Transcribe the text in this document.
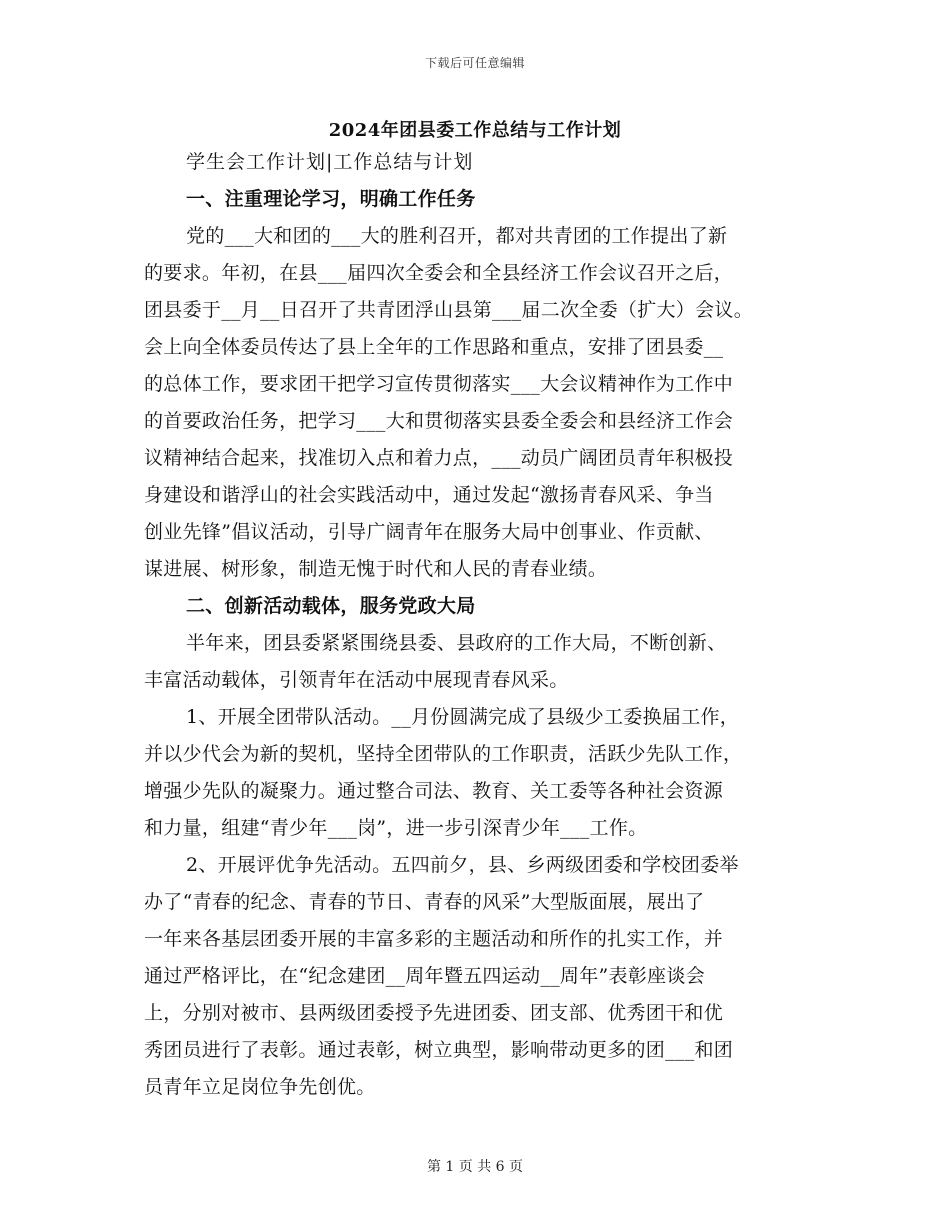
下载后可任意编辑
2024年团县委工作总结与工作计划
学生会工作计划|工作总结与计划
一、注重理论学习，明确工作任务
党的___大和团的___大的胜利召开，都对共青团的工作提出了新
的要求。年初，在县___届四次全委会和全县经济工作会议召开之后，
团县委于__月__日召开了共青团浮山县第___届二次全委（扩大）会议。
会上向全体委员传达了县上全年的工作思路和重点，安排了团县委__
的总体工作，要求团干把学习宣传贯彻落实___大会议精神作为工作中
的首要政治任务，把学习___大和贯彻落实县委全委会和县经济工作会
议精神结合起来，找准切入点和着力点，___动员广阔团员青年积极投
身建设和谐浮山的社会实践活动中，通过发起“激扬青春风采、争当
创业先锋”倡议活动，引导广阔青年在服务大局中创事业、作贡献、
谋进展、树形象，制造无愧于时代和人民的青春业绩。
二、创新活动载体，服务党政大局
半年来，团县委紧紧围绕县委、县政府的工作大局，不断创新、
丰富活动载体，引领青年在活动中展现青春风采。
1、开展全团带队活动。__月份圆满完成了县级少工委换届工作，
并以少代会为新的契机，坚持全团带队的工作职责，活跃少先队工作，
增强少先队的凝聚力。通过整合司法、教育、关工委等各种社会资源
和力量，组建“青少年___岗”，进一步引深青少年___工作。
2、开展评优争先活动。五四前夕，县、乡两级团委和学校团委举
办了“青春的纪念、青春的节日、青春的风采”大型版面展，展出了
一年来各基层团委开展的丰富多彩的主题活动和所作的扎实工作，并
通过严格评比，在“纪念建团__周年暨五四运动__周年”表彰座谈会
上，分别对被市、县两级团委授予先进团委、团支部、优秀团干和优
秀团员进行了表彰。通过表彰，树立典型，影响带动更多的团___和团
员青年立足岗位争先创优。
第 1 页 共 6 页
